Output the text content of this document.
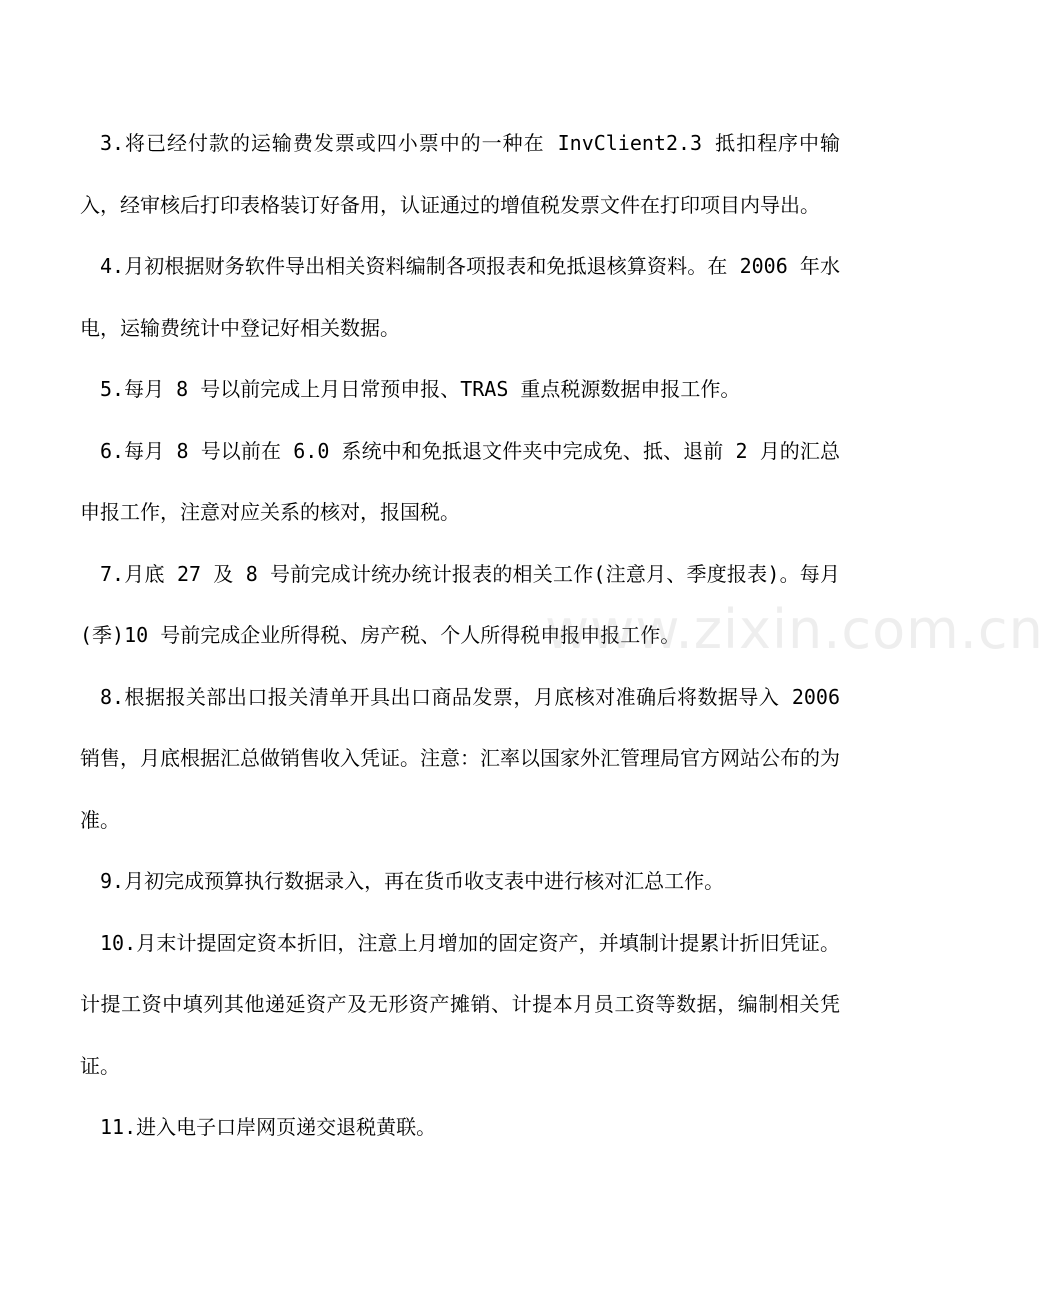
3.将已经付款的运输费发票或四小票中的一种在 InvClient2.3 抵扣程序中输入，经审核后打印表格装订好备用，认证通过的增值税发票文件在打印项目内导出。

4.月初根据财务软件导出相关资料编制各项报表和免抵退核算资料。在 2006 年水电，运输费统计中登记好相关数据。

5.每月 8 号以前完成上月日常预申报、TRAS 重点税源数据申报工作。

6.每月 8 号以前在 6.0 系统中和免抵退文件夹中完成免、抵、退前 2 月的汇总申报工作，注意对应关系的核对，报国税。

7.月底 27 及 8 号前完成计统办统计报表的相关工作(注意月、季度报表)。每月(季)10 号前完成企业所得税、房产税、个人所得税申报申报工作。

8.根据报关部出口报关清单开具出口商品发票，月底核对准确后将数据导入 2006 销售，月底根据汇总做销售收入凭证。注意：汇率以国家外汇管理局官方网站公布的为准。

9.月初完成预算执行数据录入，再在货币收支表中进行核对汇总工作。

10.月末计提固定资本折旧，注意上月增加的固定资产，并填制计提累计折旧凭证。计提工资中填列其他递延资产及无形资产摊销、计提本月员工资等数据，编制相关凭证。

11.进入电子口岸网页递交退税黄联。

www.zixin.com.cn
